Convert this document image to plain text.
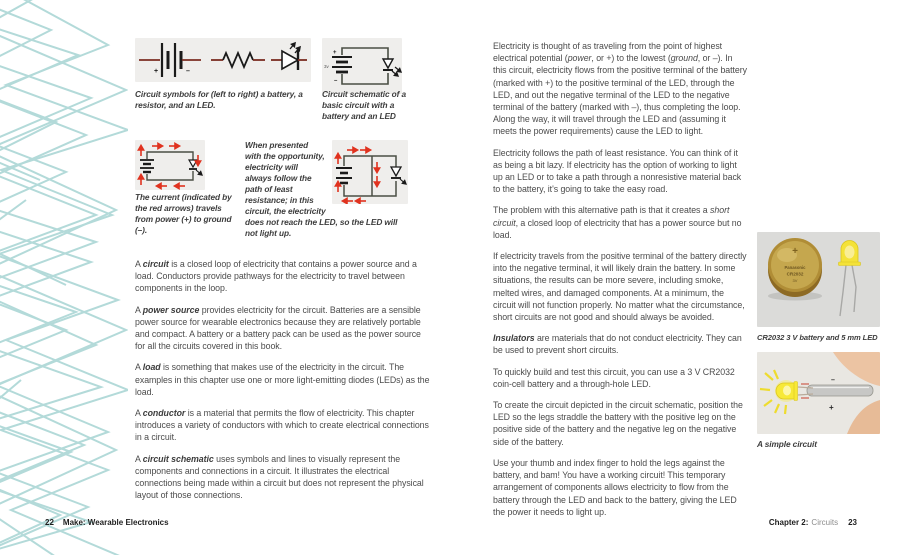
+	–

Circuit symbols for (left to right) a battery, a resistor, and an LED.

+
–
3v

Circuit schematic of a basic circuit with a battery and an LED

The current (indicated by the red arrows) travels from power (+) to ground (–).

When presented with the opportunity, electricity will always follow the path of least resistance; in this circuit, the electricity does not reach the LED, so the LED will not light up.

A circuit is a closed loop of electricity that contains a power source and a load. Conductors provide pathways for the electricity to travel between components in the loop.

A power source provides electricity for the circuit. Batteries are a sensible power source for wearable electronics because they are relatively portable and compact. A battery or a battery pack can be used as the power source for all the circuits covered in this book.

A load is something that makes use of the electricity in the circuit. The examples in this chapter use one or more light-emitting diodes (LEDs) as the load.

A conductor is a material that permits the flow of electricity. This chapter introduces a variety of conductors with which to create electrical connections in a circuit.

A circuit schematic uses symbols and lines to visually represent the components and connections in a circuit. It illustrates the electrical connections being made within a circuit but does not represent the physical layout of those connections.

22 Make: Wearable Electronics

Electricity is thought of as traveling from the point of highest electrical potential (power, or +) to the lowest (ground, or –). In this circuit, electricity flows from the positive terminal of the battery (marked with +) to the positive terminal of the LED, through the LED, and out the negative terminal of the LED to the negative terminal of the battery (marked with –), thus completing the loop. Along the way, it will travel through the LED and (assuming it meets the power requirements) cause the LED to light.

Electricity follows the path of least resistance. You can think of it as being a bit lazy. If electricity has the option of working to light up an LED or to take a path through a nonresistive material back to the battery, it's going to take the easy road.

The problem with this alternative path is that it creates a short circuit, a closed loop of electricity that has a power source but no load.

If electricity travels from the positive terminal of the battery directly into the negative terminal, it will likely drain the battery. In some situations, the results can be more severe, including smoke, melted wires, and damaged components. At a minimum, the circuit will not function properly. No matter what the circumstance, short circuits are not good and should always be avoided.

Insulators are materials that do not conduct electricity. They can be used to prevent short circuits.

To quickly build and test this circuit, you can use a 3 V CR2032 coin-cell battery and a through-hole LED.

To create the circuit depicted in the circuit schematic, position the LED so the legs straddle the battery with the positive leg on the positive side of the battery and the negative leg on the negative side of the battery.

Use your thumb and index finger to hold the legs against the battery, and bam! You have a working circuit! This temporary arrangement of components allows electricity to flow from the battery through the LED and back to the battery, giving the LED the power it needs to light up.

+
Panasonic
CR2032
3V

CR2032 3 V battery and 5 mm LED

–
+

A simple circuit

Chapter 2: Circuits 23
